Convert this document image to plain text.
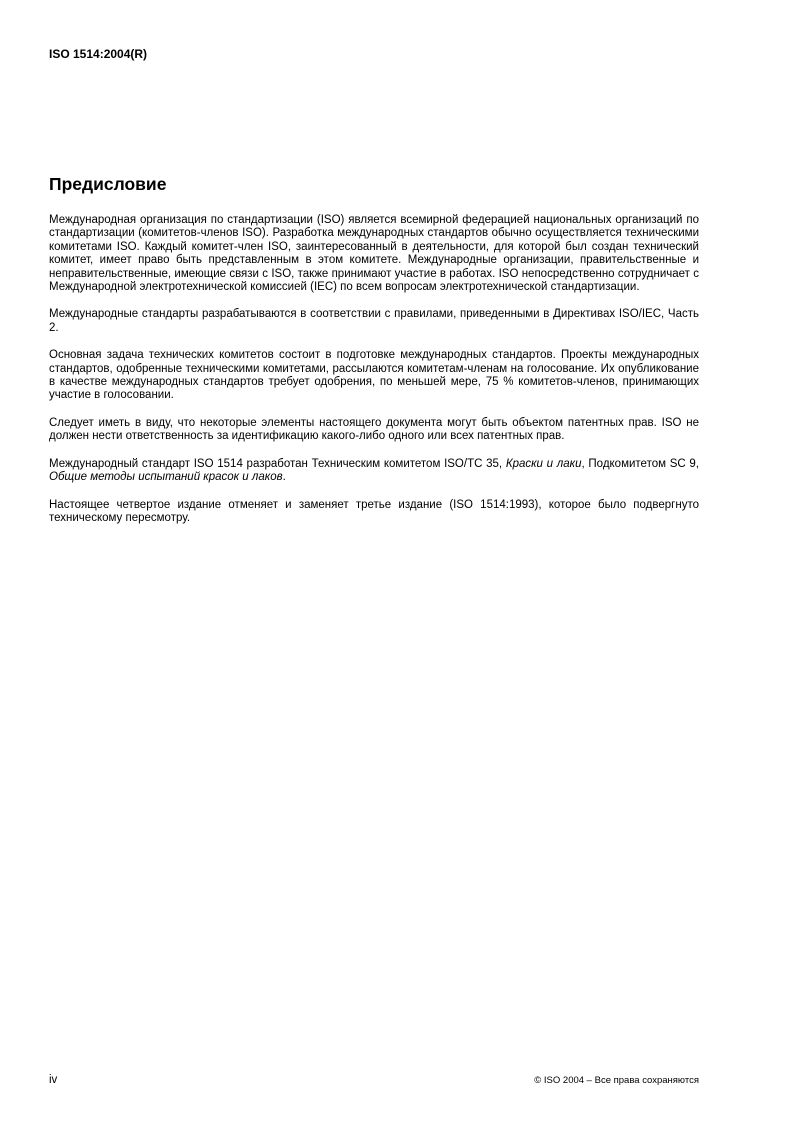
ISO 1514:2004(R)
Предисловие

Международная организация по стандартизации (ISO) является всемирной федерацией национальных организаций по стандартизации (комитетов-членов ISO). Разработка международных стандартов обычно осуществляется техническими комитетами ISO. Каждый комитет-член ISO, заинтересованный в деятельности, для которой был создан технический комитет, имеет право быть представленным в этом комитете. Международные организации, правительственные и неправительственные, имеющие связи с ISO, также принимают участие в работах. ISO непосредственно сотрудничает с Международной электротехнической комиссией (IEC) по всем вопросам электротехнической стандартизации.

Международные стандарты разрабатываются в соответствии с правилами, приведенными в Директивах ISO/IEC, Часть 2.

Основная задача технических комитетов состоит в подготовке международных стандартов. Проекты международных стандартов, одобренные техническими комитетами, рассылаются комитетам-членам на голосование. Их опубликование в качестве международных стандартов требует одобрения, по меньшей мере, 75 % комитетов-членов, принимающих участие в голосовании.

Следует иметь в виду, что некоторые элементы настоящего документа могут быть объектом патентных прав. ISO не должен нести ответственность за идентификацию какого-либо одного или всех патентных прав.

Международный стандарт ISO 1514 разработан Техническим комитетом ISO/TC 35, Краски и лаки, Подкомитетом SC 9, Общие методы испытаний красок и лаков.

Настоящее четвертое издание отменяет и заменяет третье издание (ISO 1514:1993), которое было подвергнуто техническому пересмотру.

iv	© ISO 2004 – Все права сохраняются
